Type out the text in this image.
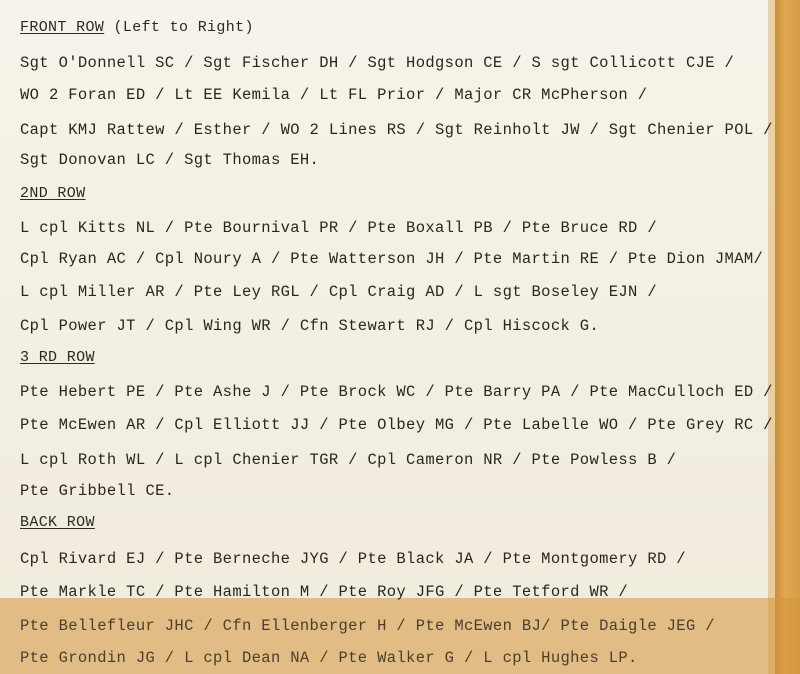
FRONT ROW (Left to Right)
Sgt O'Donnell SC / Sgt Fischer DH / Sgt Hodgson CE / S sgt Collicott CJE /
WO 2 Foran ED / Lt EE Kemila / Lt FL Prior / Major CR McPherson /
Capt KMJ Rattew / Esther / WO 2 Lines RS / Sgt Reinholt JW / Sgt Chenier POL /
Sgt Donovan LC / Sgt Thomas EH.
2ND ROW
L cpl Kitts NL / Pte Bournival PR / Pte Boxall PB / Pte Bruce RD /
Cpl Ryan AC / Cpl Noury A / Pte Watterson JH / Pte Martin RE / Pte Dion JMAM/
L cpl Miller AR / Pte Ley RGL / Cpl Craig AD / L sgt Boseley EJN /
Cpl Power JT / Cpl Wing WR / Cfn Stewart RJ / Cpl Hiscock G.
3 RD ROW
Pte Hebert PE / Pte Ashe J / Pte Brock WC / Pte Barry PA / Pte MacCulloch ED /
Pte McEwen AR / Cpl Elliott JJ / Pte Olbey MG / Pte Labelle WO / Pte Grey RC /
L cpl Roth WL / L cpl Chenier TGR / Cpl Cameron NR / Pte Powless B /
Pte Gribbell CE.
BACK ROW
Cpl Rivard EJ / Pte Berneche JYG / Pte Black JA / Pte Montgomery RD /
Pte Markle TC / Pte Hamilton M / Pte Roy JFG / Pte Tetford WR /
Pte Bellefleur JHC / Cfn Ellenberger H / Pte McEwen BJ/ Pte Daigle JEG /
Pte Grondin JG / L cpl Dean NA / Pte Walker G / L cpl Hughes LP.
